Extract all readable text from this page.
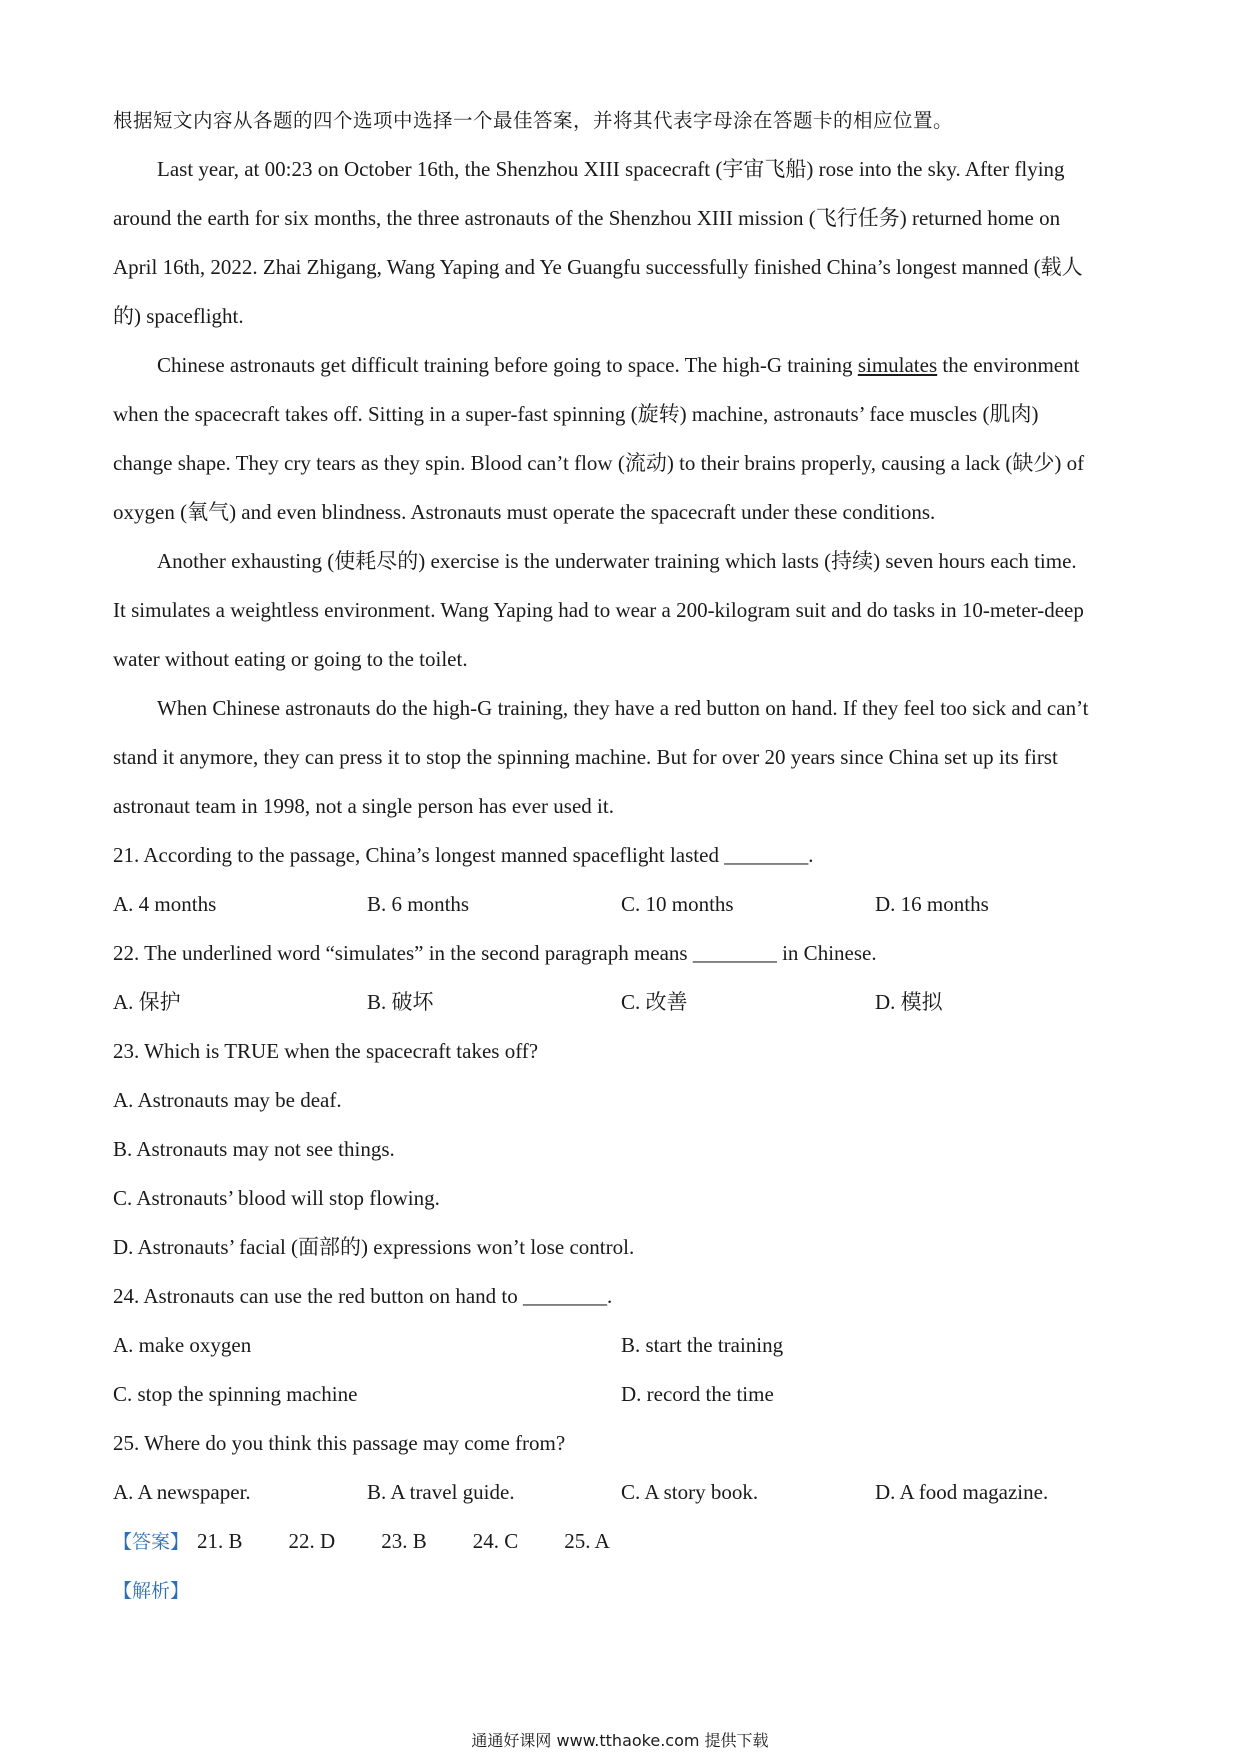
根据短文内容从各题的四个选项中选择一个最佳答案，并将其代表字母涂在答题卡的相应位置。
Last year, at 00:23 on October 16th, the Shenzhou XIII spacecraft (宇宙飞船) rose into the sky. After flying
around the earth for six months, the three astronauts of the Shenzhou XIII mission (飞行任务) returned home on
April 16th, 2022. Zhai Zhigang, Wang Yaping and Ye Guangfu successfully finished China’s longest manned (载人
的) spaceflight.
Chinese astronauts get difficult training before going to space. The high-G training simulates the environment
when the spacecraft takes off. Sitting in a super-fast spinning (旋转) machine, astronauts’ face muscles (肌肉)
change shape. They cry tears as they spin. Blood can’t flow (流动) to their brains properly, causing a lack (缺少) of
oxygen (氧气) and even blindness. Astronauts must operate the spacecraft under these conditions.
Another exhausting (使耗尽的) exercise is the underwater training which lasts (持续) seven hours each time.
It simulates a weightless environment. Wang Yaping had to wear a 200-kilogram suit and do tasks in 10-meter-deep
water without eating or going to the toilet.
When Chinese astronauts do the high-G training, they have a red button on hand. If they feel too sick and can’t
stand it anymore, they can press it to stop the spinning machine. But for over 20 years since China set up its first
astronaut team in 1998, not a single person has ever used it.
21. According to the passage, China’s longest manned spaceflight lasted ________.
A. 4 months	B. 6 months	C. 10 months	D. 16 months
22. The underlined word “simulates” in the second paragraph means ________ in Chinese.
A. 保护	B. 破坏	C. 改善	D. 模拟
23. Which is TRUE when the spacecraft takes off?
A. Astronauts may be deaf.
B. Astronauts may not see things.
C. Astronauts’ blood will stop flowing.
D. Astronauts’ facial (面部的) expressions won’t lose control.
24. Astronauts can use the red button on hand to ________.
A. make oxygen	B. start the training
C. stop the spinning machine	D. record the time
25. Where do you think this passage may come from?
A. A newspaper.	B. A travel guide.	C. A story book.	D. A food magazine.
【答案】 21. B 22. D 23. B 24. C 25. A
【解析】
通通好课网 www.tthaoke.com 提供下载
